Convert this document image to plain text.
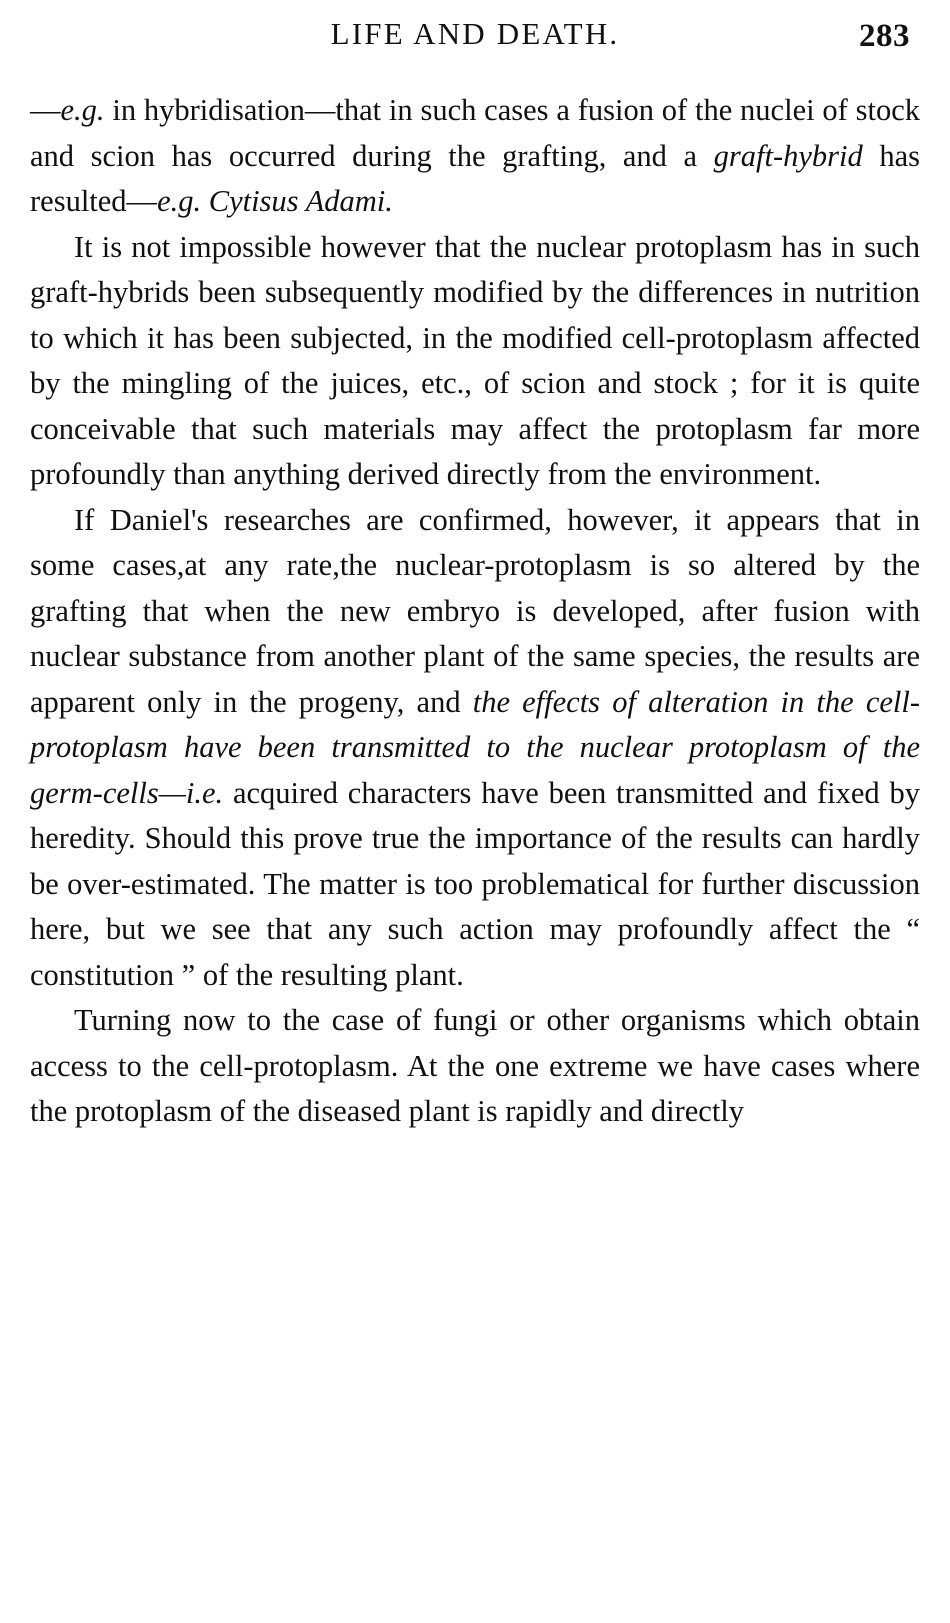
LIFE AND DEATH.	283

—e.g. in hybridisation—that in such cases a fusion of the nuclei of stock and scion has occurred during the grafting, and a graft-hybrid has resulted—e.g. Cytisus Adami.

It is not impossible however that the nuclear protoplasm has in such graft-hybrids been subsequently modified by the differences in nutrition to which it has been subjected, in the modified cell-protoplasm affected by the mingling of the juices, etc., of scion and stock ; for it is quite conceivable that such materials may affect the protoplasm far more profoundly than anything derived directly from the environment.

If Daniel's researches are confirmed, however, it appears that in some cases,at any rate,the nuclear-protoplasm is so altered by the grafting that when the new embryo is developed, after fusion with nuclear substance from another plant of the same species, the results are apparent only in the progeny, and the effects of alteration in the cell-protoplasm have been transmitted to the nuclear protoplasm of the germ-cells—i.e. acquired characters have been transmitted and fixed by heredity. Should this prove true the importance of the results can hardly be over-estimated. The matter is too problematical for further discussion here, but we see that any such action may profoundly affect the “ constitution ” of the resulting plant.

Turning now to the case of fungi or other organisms which obtain access to the cell-protoplasm. At the one extreme we have cases where the protoplasm of the diseased plant is rapidly and directly
